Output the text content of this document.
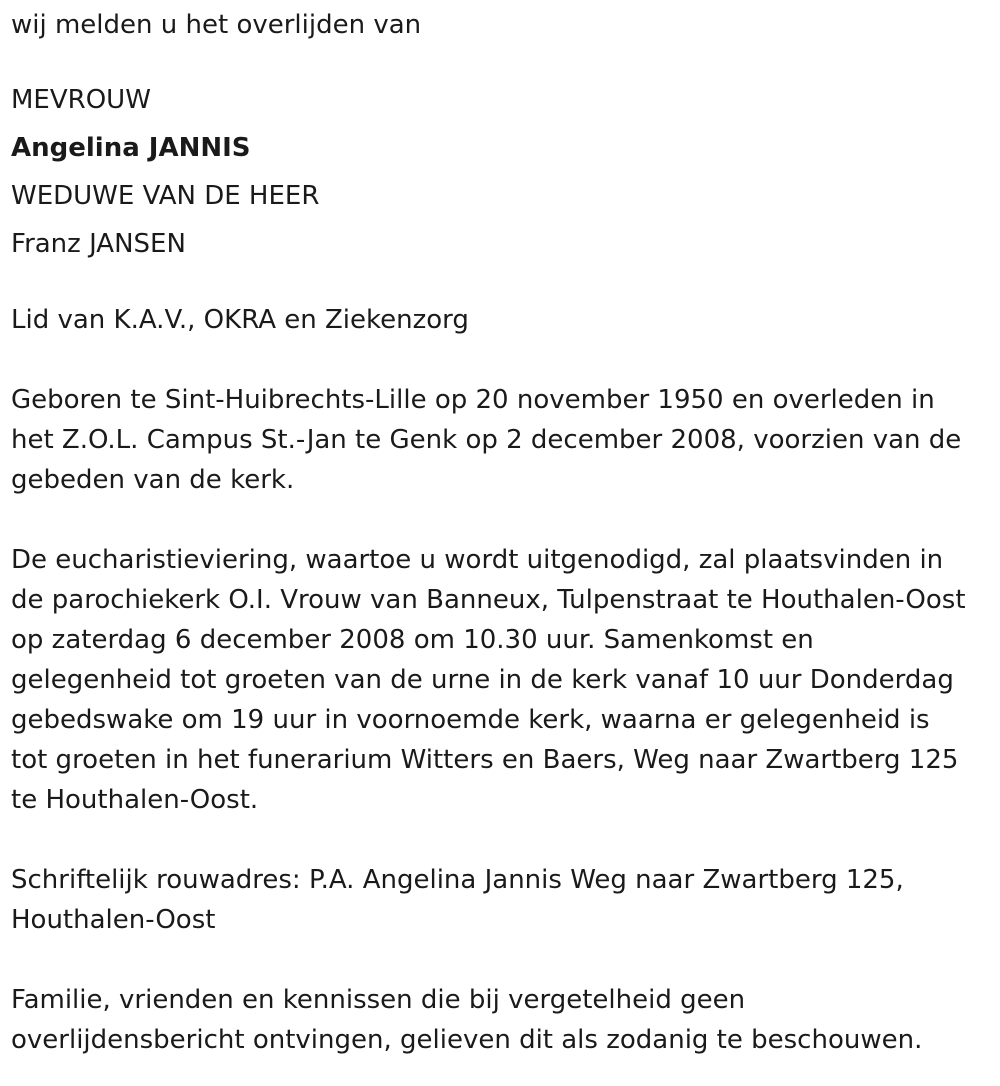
wij melden u het overlijden van

MEVROUW

Angelina JANNIS

WEDUWE VAN DE HEER

Franz JANSEN

Lid van K.A.V., OKRA en Ziekenzorg

Geboren te Sint-Huibrechts-Lille op 20 november 1950 en overleden in

het Z.O.L. Campus St.-Jan te Genk op 2 december 2008, voorzien van de

gebeden van de kerk.

De eucharistieviering, waartoe u wordt uitgenodigd, zal plaatsvinden in

de parochiekerk O.I. Vrouw van Banneux, Tulpenstraat te Houthalen-Oost

op zaterdag 6 december 2008 om 10.30 uur. Samenkomst en

gelegenheid tot groeten van de urne in de kerk vanaf 10 uur Donderdag

gebedswake om 19 uur in voornoemde kerk, waarna er gelegenheid is

tot groeten in het funerarium Witters en Baers, Weg naar Zwartberg 125

te Houthalen-Oost.

Schriftelijk rouwadres: P.A. Angelina Jannis Weg naar Zwartberg 125,

Houthalen-Oost

Familie, vrienden en kennissen die bij vergetelheid geen

overlijdensbericht ontvingen, gelieven dit als zodanig te beschouwen.
